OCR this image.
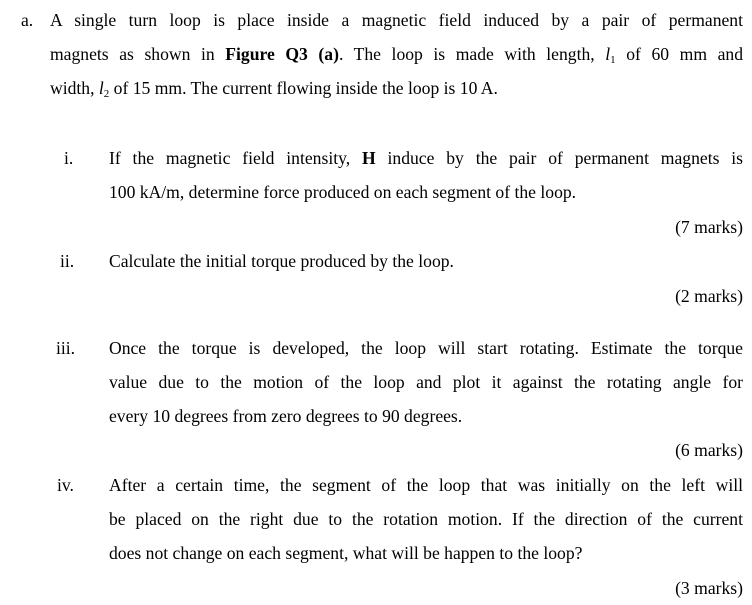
a. A single turn loop is place inside a magnetic field induced by a pair of permanent
magnets as shown in Figure Q3 (a). The loop is made with length, $l_1$ of 60 mm and
width, $l_2$ of 15 mm. The current flowing inside the loop is 10 A.
i.	If the magnetic field intensity, H induce by the pair of permanent magnets is
100 kA/m, determine force produced on each segment of the loop.
(7 marks)
ii.	Calculate the initial torque produced by the loop.
(2 marks)
iii.	Once the torque is developed, the loop will start rotating. Estimate the torque
value due to the motion of the loop and plot it against the rotating angle for
every 10 degrees from zero degrees to 90 degrees.
(6 marks)
iv.	After a certain time, the segment of the loop that was initially on the left will
be placed on the right due to the rotation motion. If the direction of the current
does not change on each segment, what will be happen to the loop?
(3 marks)
